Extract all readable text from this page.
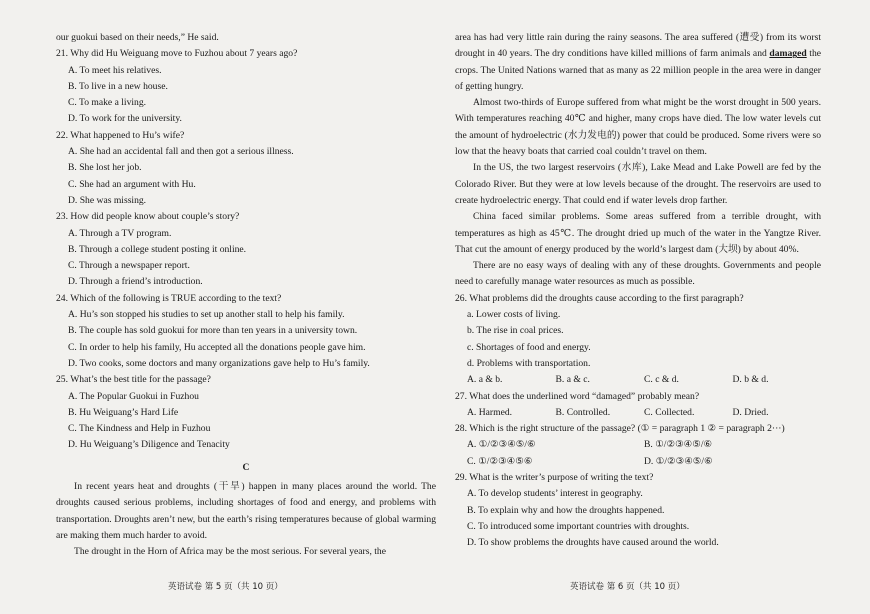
our guokui based on their needs,” He said.
21. Why did Hu Weiguang move to Fuzhou about 7 years ago?
A. To meet his relatives.
B. To live in a new house.
C. To make a living.
D. To work for the university.
22. What happened to Hu’s wife?
A. She had an accidental fall and then got a serious illness.
B. She lost her job.
C. She had an argument with Hu.
D. She was missing.
23. How did people know about couple’s story?
A. Through a TV program.
B. Through a college student posting it online.
C. Through a newspaper report.
D. Through a friend’s introduction.
24. Which of the following is TRUE according to the text?
A. Hu’s son stopped his studies to set up another stall to help his family.
B. The couple has sold guokui for more than ten years in a university town.
C. In order to help his family, Hu accepted all the donations people gave him.
D. Two cooks, some doctors and many organizations gave help to Hu’s family.
25. What’s the best title for the passage?
A. The Popular Guokui in Fuzhou
B. Hu Weiguang’s Hard Life
C. The Kindness and Help in Fuzhou
D. Hu Weiguang’s Diligence and Tenacity
C
In recent years heat and droughts (干旱) happen in many places around the world. The droughts caused serious problems, including shortages of food and energy, and problems with transportation. Droughts aren’t new, but the earth’s rising temperatures because of global warming are making them much harder to avoid.
The drought in the Horn of Africa may be the most serious. For several years, the
area has had very little rain during the rainy seasons. The area suffered (遭受) from its worst drought in 40 years. The dry conditions have killed millions of farm animals and damaged the crops. The United Nations warned that as many as 22 million people in the area were in danger of getting hungry.
Almost two-thirds of Europe suffered from what might be the worst drought in 500 years. With temperatures reaching 40℃ and higher, many crops have died. The low water levels cut the amount of hydroelectric (水力发电的) power that could be produced. Some rivers were so low that the heavy boats that carried coal couldn’t travel on them.
In the US, the two largest reservoirs (水库), Lake Mead and Lake Powell are fed by the Colorado River. But they were at low levels because of the drought. The reservoirs are used to create hydroelectric energy. That could end if water levels drop farther.
China faced similar problems. Some areas suffered from a terrible drought, with temperatures as high as 45℃. The drought dried up much of the water in the Yangtze River. That cut the amount of energy produced by the world’s largest dam (大坝) by about 40%.
There are no easy ways of dealing with any of these droughts. Governments and people need to carefully manage water resources as much as possible.
26. What problems did the droughts cause according to the first paragraph?
a. Lower costs of living.
b. The rise in coal prices.
c. Shortages of food and energy.
d. Problems with transportation.
A. a & b.	B. a & c.	C. c & d.	D. b & d.
27. What does the underlined word “damaged” probably mean?
A. Harmed.	B. Controlled.	C. Collected.	D. Dried.
28. Which is the right structure of the passage? (① = paragraph 1 ② = paragraph 2···)
A. ①/②③④⑤/⑥	B. ①/②③④⑤/⑥
C. ①/②③④⑤⑥	D. ①/②③④⑤/⑥
29. What is the writer’s purpose of writing the text?
A. To develop students’ interest in geography.
B. To explain why and how the droughts happened.
C. To introduced some important countries with droughts.
D. To show problems the droughts have caused around the world.
英语试卷 第 5 页（共 10 页）	英语试卷 第 6 页（共 10 页）
